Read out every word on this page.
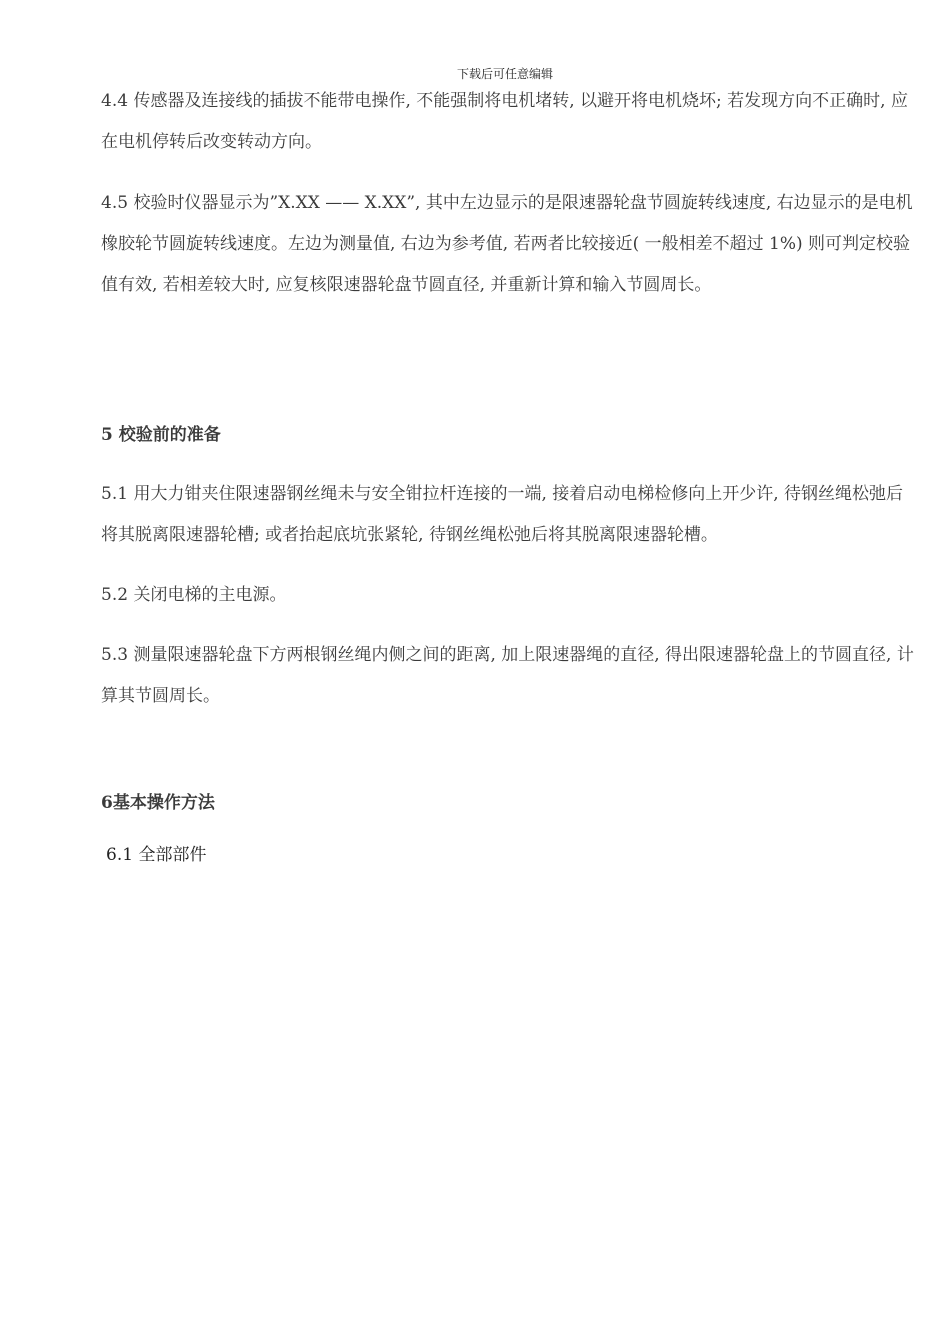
下载后可任意编辑

4.4 传感器及连接线的插拔不能带电操作, 不能强制将电机堵转, 以避开将电机烧坏; 若发现方向不正确时, 应在电机停转后改变转动方向。

4.5 校验时仪器显示为”X.XX —— X.XX”, 其中左边显示的是限速器轮盘节圆旋转线速度, 右边显示的是电机橡胶轮节圆旋转线速度。左边为测量值, 右边为参考值, 若两者比较接近( 一般相差不超过 1%) 则可判定校验值有效, 若相差较大时, 应复核限速器轮盘节圆直径, 并重新计算和输入节圆周长。

5 校验前的准备

5.1 用大力钳夹住限速器钢丝绳未与安全钳拉杆连接的一端, 接着启动电梯检修向上开少许, 待钢丝绳松弛后将其脱离限速器轮槽; 或者抬起底坑张紧轮, 待钢丝绳松弛后将其脱离限速器轮槽。

5.2 关闭电梯的主电源。

5.3 测量限速器轮盘下方两根钢丝绳内侧之间的距离, 加上限速器绳的直径, 得出限速器轮盘上的节圆直径, 计算其节圆周长。

6基本操作方法

6.1 全部部件
